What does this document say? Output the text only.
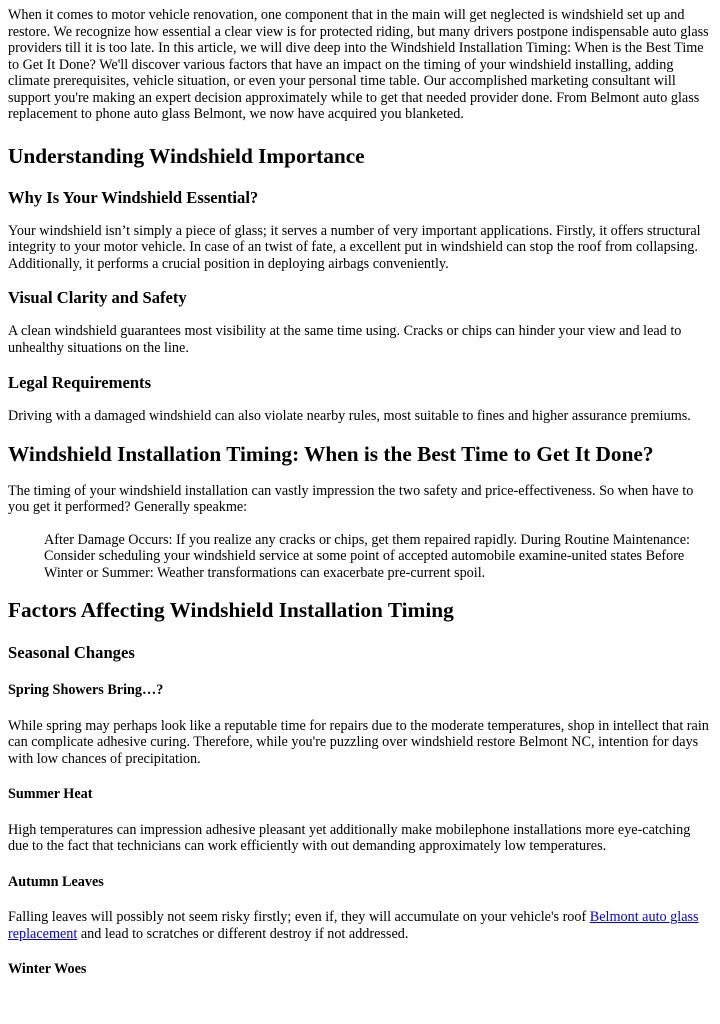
When it comes to motor vehicle renovation, one component that in the main will get neglected is windshield set up and restore. We recognize how essential a clear view is for protected riding, but many drivers postpone indispensable auto glass providers till it is too late. In this article, we will dive deep into the Windshield Installation Timing: When is the Best Time to Get It Done? We'll discover various factors that have an impact on the timing of your windshield installing, adding climate prerequisites, vehicle situation, or even your personal time table. Our accomplished marketing consultant will support you're making an expert decision approximately while to get that needed provider done. From Belmont auto glass replacement to phone auto glass Belmont, we now have acquired you blanketed.

Understanding Windshield Importance
Why Is Your Windshield Essential?

Your windshield isn’t simply a piece of glass; it serves a number of very important applications. Firstly, it offers structural integrity to your motor vehicle. In case of an twist of fate, a excellent put in windshield can stop the roof from collapsing. Additionally, it performs a crucial position in deploying airbags conveniently.

Visual Clarity and Safety

A clean windshield guarantees most visibility at the same time using. Cracks or chips can hinder your view and lead to unhealthy situations on the line.

Legal Requirements

Driving with a damaged windshield can also violate nearby rules, most suitable to fines and higher assurance premiums.

Windshield Installation Timing: When is the Best Time to Get It Done?

The timing of your windshield installation can vastly impression the two safety and price-effectiveness. So when have to you get it performed? Generally speakme:

After Damage Occurs: If you realize any cracks or chips, get them repaired rapidly. During Routine Maintenance: Consider scheduling your windshield service at some point of accepted automobile examine-united states Before Winter or Summer: Weather transformations can exacerbate pre-current spoil.
Factors Affecting Windshield Installation Timing
Seasonal Changes
Spring Showers Bring…?

While spring may perhaps look like a reputable time for repairs due to the moderate temperatures, shop in intellect that rain can complicate adhesive curing. Therefore, while you're puzzling over windshield restore Belmont NC, intention for days with low chances of precipitation.

Summer Heat

High temperatures can impression adhesive pleasant yet additionally make mobilephone installations more eye-catching due to the fact that technicians can work efficiently with out demanding approximately low temperatures.

Autumn Leaves

Falling leaves will possibly not seem risky firstly; even if, they will accumulate on your vehicle's roof Belmont auto glass replacement and lead to scratches or different destroy if not addressed.

Winter Woes
